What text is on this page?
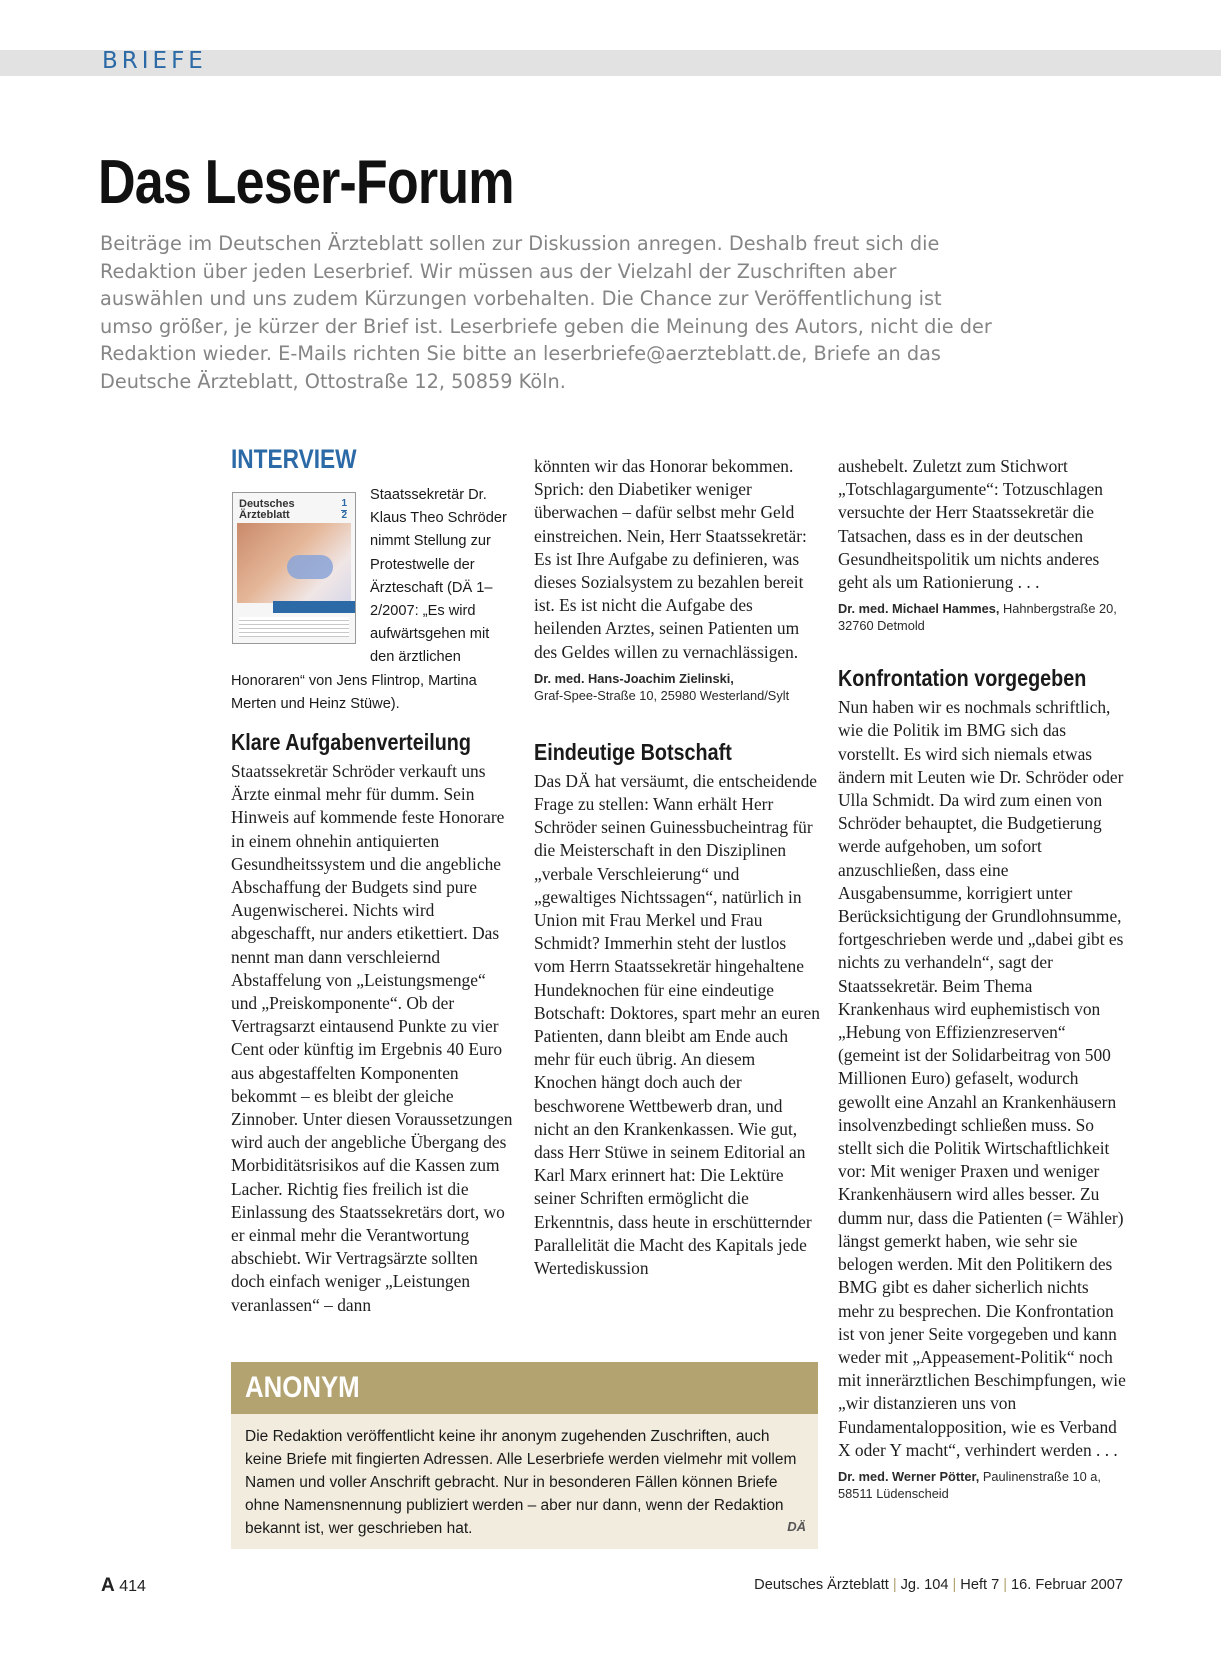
BRIEFE
Das Leser-Forum

Beiträge im Deutschen Ärzteblatt sollen zur Diskussion anregen. Deshalb freut sich die Redaktion über jeden Leserbrief. Wir müssen aus der Vielzahl der Zuschriften aber auswählen und uns zudem Kürzungen vorbehalten. Die Chance zur Veröffentlichung ist umso größer, je kürzer der Brief ist. Leserbriefe geben die Meinung des Autors, nicht die der Redaktion wieder. E-Mails richten Sie bitte an leserbriefe@aerzteblatt.de, Briefe an das Deutsche Ärzteblatt, Ottostraße 12, 50859 Köln.

INTERVIEW
Deutsches Ärzteblatt	$\frac{1}{2}$

Staatssekretär Dr. Klaus Theo Schröder nimmt Stellung zur Protestwelle der Ärzteschaft (DÄ 1–2/2007: „Es wird aufwärtsgehen mit den ärztlichen Honoraren“ von Jens Flintrop, Martina Merten und Heinz Stüwe).

Klare Aufgabenverteilung

Staatssekretär Schröder verkauft uns Ärzte einmal mehr für dumm. Sein Hinweis auf kommende feste Honorare in einem ohnehin antiquierten Gesundheitssystem und die angebliche Abschaffung der Budgets sind pure Augenwischerei. Nichts wird abgeschafft, nur anders etikettiert. Das nennt man dann verschleiernd Abstaffelung von „Leistungsmenge“ und „Preiskomponente“. Ob der Vertragsarzt eintausend Punkte zu vier Cent oder künftig im Ergebnis 40 Euro aus abgestaffelten Komponenten bekommt – es bleibt der gleiche Zinnober. Unter diesen Voraussetzungen wird auch der angebliche Übergang des Morbiditätsrisikos auf die Kassen zum Lacher. Richtig fies freilich ist die Einlassung des Staatssekretärs dort, wo er einmal mehr die Verantwortung abschiebt. Wir Vertragsärzte sollten doch einfach weniger „Leistungen veranlassen“ – dann

könnten wir das Honorar bekommen. Sprich: den Diabetiker weniger überwachen – dafür selbst mehr Geld einstreichen. Nein, Herr Staatssekretär: Es ist Ihre Aufgabe zu definieren, was dieses Sozialsystem zu bezahlen bereit ist. Es ist nicht die Aufgabe des heilenden Arztes, seinen Patienten um des Geldes willen zu vernachlässigen.

Dr. med. Hans-Joachim Zielinski,
Graf-Spee-Straße 10, 25980 Westerland/Sylt

Eindeutige Botschaft

Das DÄ hat versäumt, die entscheidende Frage zu stellen: Wann erhält Herr Schröder seinen Guinessbucheintrag für die Meisterschaft in den Disziplinen „verbale Verschleierung“ und „gewaltiges Nichtssagen“, natürlich in Union mit Frau Merkel und Frau Schmidt? Immerhin steht der lustlos vom Herrn Staatssekretär hingehaltene Hundeknochen für eine eindeutige Botschaft: Doktores, spart mehr an euren Patienten, dann bleibt am Ende auch mehr für euch übrig. An diesem Knochen hängt doch auch der beschworene Wettbewerb dran, und nicht an den Krankenkassen. Wie gut, dass Herr Stüwe in seinem Editorial an Karl Marx erinnert hat: Die Lektüre seiner Schriften ermöglicht die Erkenntnis, dass heute in erschütternder Parallelität die Macht des Kapitals jede Wertediskussion

aushebelt. Zuletzt zum Stichwort „Totschlagargumente“: Totzuschlagen versuchte der Herr Staatssekretär die Tatsachen, dass es in der deutschen Gesundheitspolitik um nichts anderes geht als um Rationierung . . .

Dr. med. Michael Hammes, Hahnbergstraße 20, 32760 Detmold

Konfrontation vorgegeben

Nun haben wir es nochmals schriftlich, wie die Politik im BMG sich das vorstellt. Es wird sich niemals etwas ändern mit Leuten wie Dr. Schröder oder Ulla Schmidt. Da wird zum einen von Schröder behauptet, die Budgetierung werde aufgehoben, um sofort anzuschließen, dass eine Ausgabensumme, korrigiert unter Berücksichtigung der Grundlohnsumme, fortgeschrieben werde und „dabei gibt es nichts zu verhandeln“, sagt der Staatssekretär. Beim Thema Krankenhaus wird euphemistisch von „Hebung von Effizienzreserven“ (gemeint ist der Solidarbeitrag von 500 Millionen Euro) gefaselt, wodurch gewollt eine Anzahl an Krankenhäusern insolvenzbedingt schließen muss. So stellt sich die Politik Wirtschaftlichkeit vor: Mit weniger Praxen und weniger Krankenhäusern wird alles besser. Zu dumm nur, dass die Patienten (= Wähler) längst gemerkt haben, wie sehr sie belogen werden. Mit den Politikern des BMG gibt es daher sicherlich nichts mehr zu besprechen. Die Konfrontation ist von jener Seite vorgegeben und kann weder mit „Appeasement-Politik“ noch mit innerärztlichen Beschimpfungen, wie „wir distanzieren uns von Fundamentalopposition, wie es Verband X oder Y macht“, verhindert werden . . .

Dr. med. Werner Pötter, Paulinenstraße 10 a, 58511 Lüdenscheid

ANONYM

Die Redaktion veröffentlicht keine ihr anonym zugehenden Zuschriften, auch keine Briefe mit fingierten Adressen. Alle Leserbriefe werden vielmehr mit vollem Namen und voller Anschrift gebracht. Nur in besonderen Fällen können Briefe ohne Namensnennung publiziert werden – aber nur dann, wenn der Redaktion bekannt ist, wer geschrieben hat.	DÄ
A 414	Deutsches Ärzteblatt | Jg. 104 | Heft 7 | 16. Februar 2007
